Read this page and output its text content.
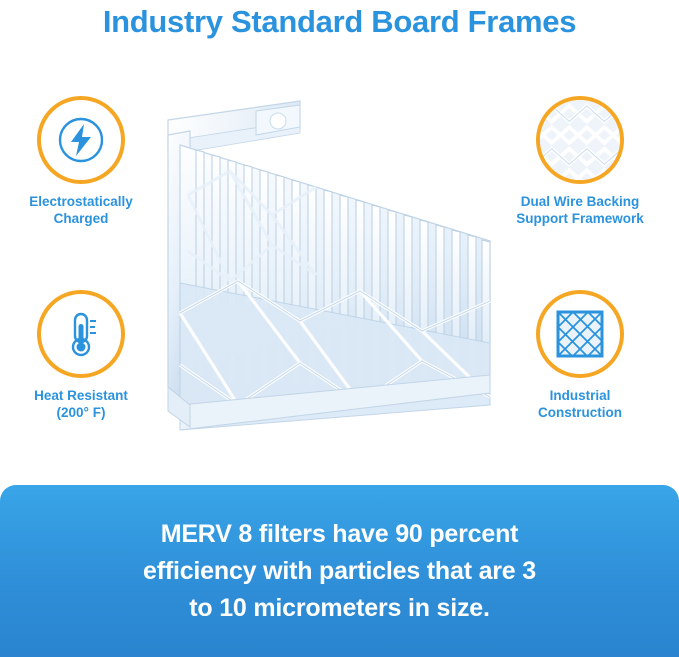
Industry Standard Board Frames
Electrostatically
Charged
Heat Resistant
(200° F)
Dual Wire Backing
Support Framework
Industrial
Construction
MERV 8 filters have 90 percent
efficiency with particles that are 3
to 10 micrometers in size.
